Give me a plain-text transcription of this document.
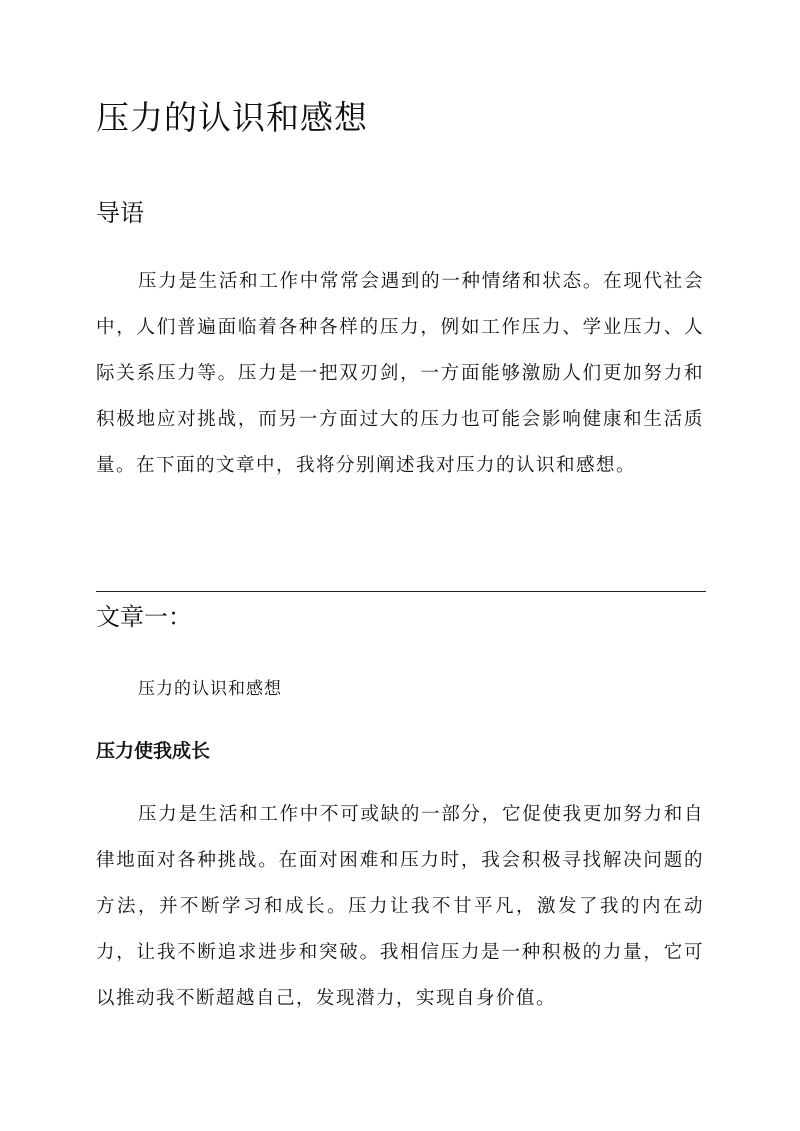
压力的认识和感想
导语

压力是生活和工作中常常会遇到的一种情绪和状态。在现代社会中，人们普遍面临着各种各样的压力，例如工作压力、学业压力、人际关系压力等。压力是一把双刃剑，一方面能够激励人们更加努力和积极地应对挑战，而另一方面过大的压力也可能会影响健康和生活质量。在下面的文章中，我将分别阐述我对压力的认识和感想。

文章一：

压力的认识和感想

压力使我成长

压力是生活和工作中不可或缺的一部分，它促使我更加努力和自律地面对各种挑战。在面对困难和压力时，我会积极寻找解决问题的方法，并不断学习和成长。压力让我不甘平凡，激发了我的内在动力，让我不断追求进步和突破。我相信压力是一种积极的力量，它可以推动我不断超越自己，发现潜力，实现自身价值。
